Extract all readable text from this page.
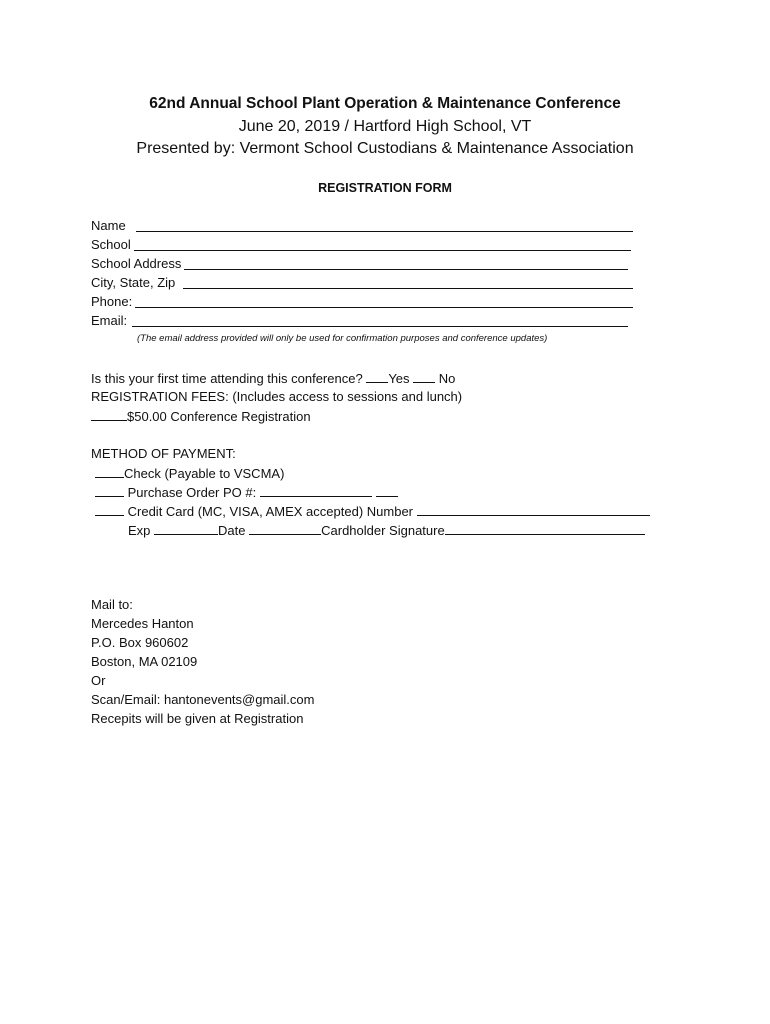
62nd Annual School Plant Operation & Maintenance Conference
June 20, 2019 / Hartford High School, VT
Presented by: Vermont School Custodians & Maintenance Association
REGISTRATION FORM
Name
School
School Address
City, State, Zip
Phone:
Email:
(The email address provided will only be used for confirmation purposes and conference updates)
Is this your first time attending this conference? Yes No
REGISTRATION FEES: (Includes access to sessions and lunch)
$50.00 Conference Registration
METHOD OF PAYMENT:
Check (Payable to VSCMA)
Purchase Order PO #:
Credit Card (MC, VISA, AMEX accepted) Number
Exp	Date	Cardholder Signature
Mail to:
Mercedes Hanton
P.O. Box 960602
Boston, MA 02109
Or
Scan/Email: hantonevents@gmail.com
Recepits will be given at Registration
